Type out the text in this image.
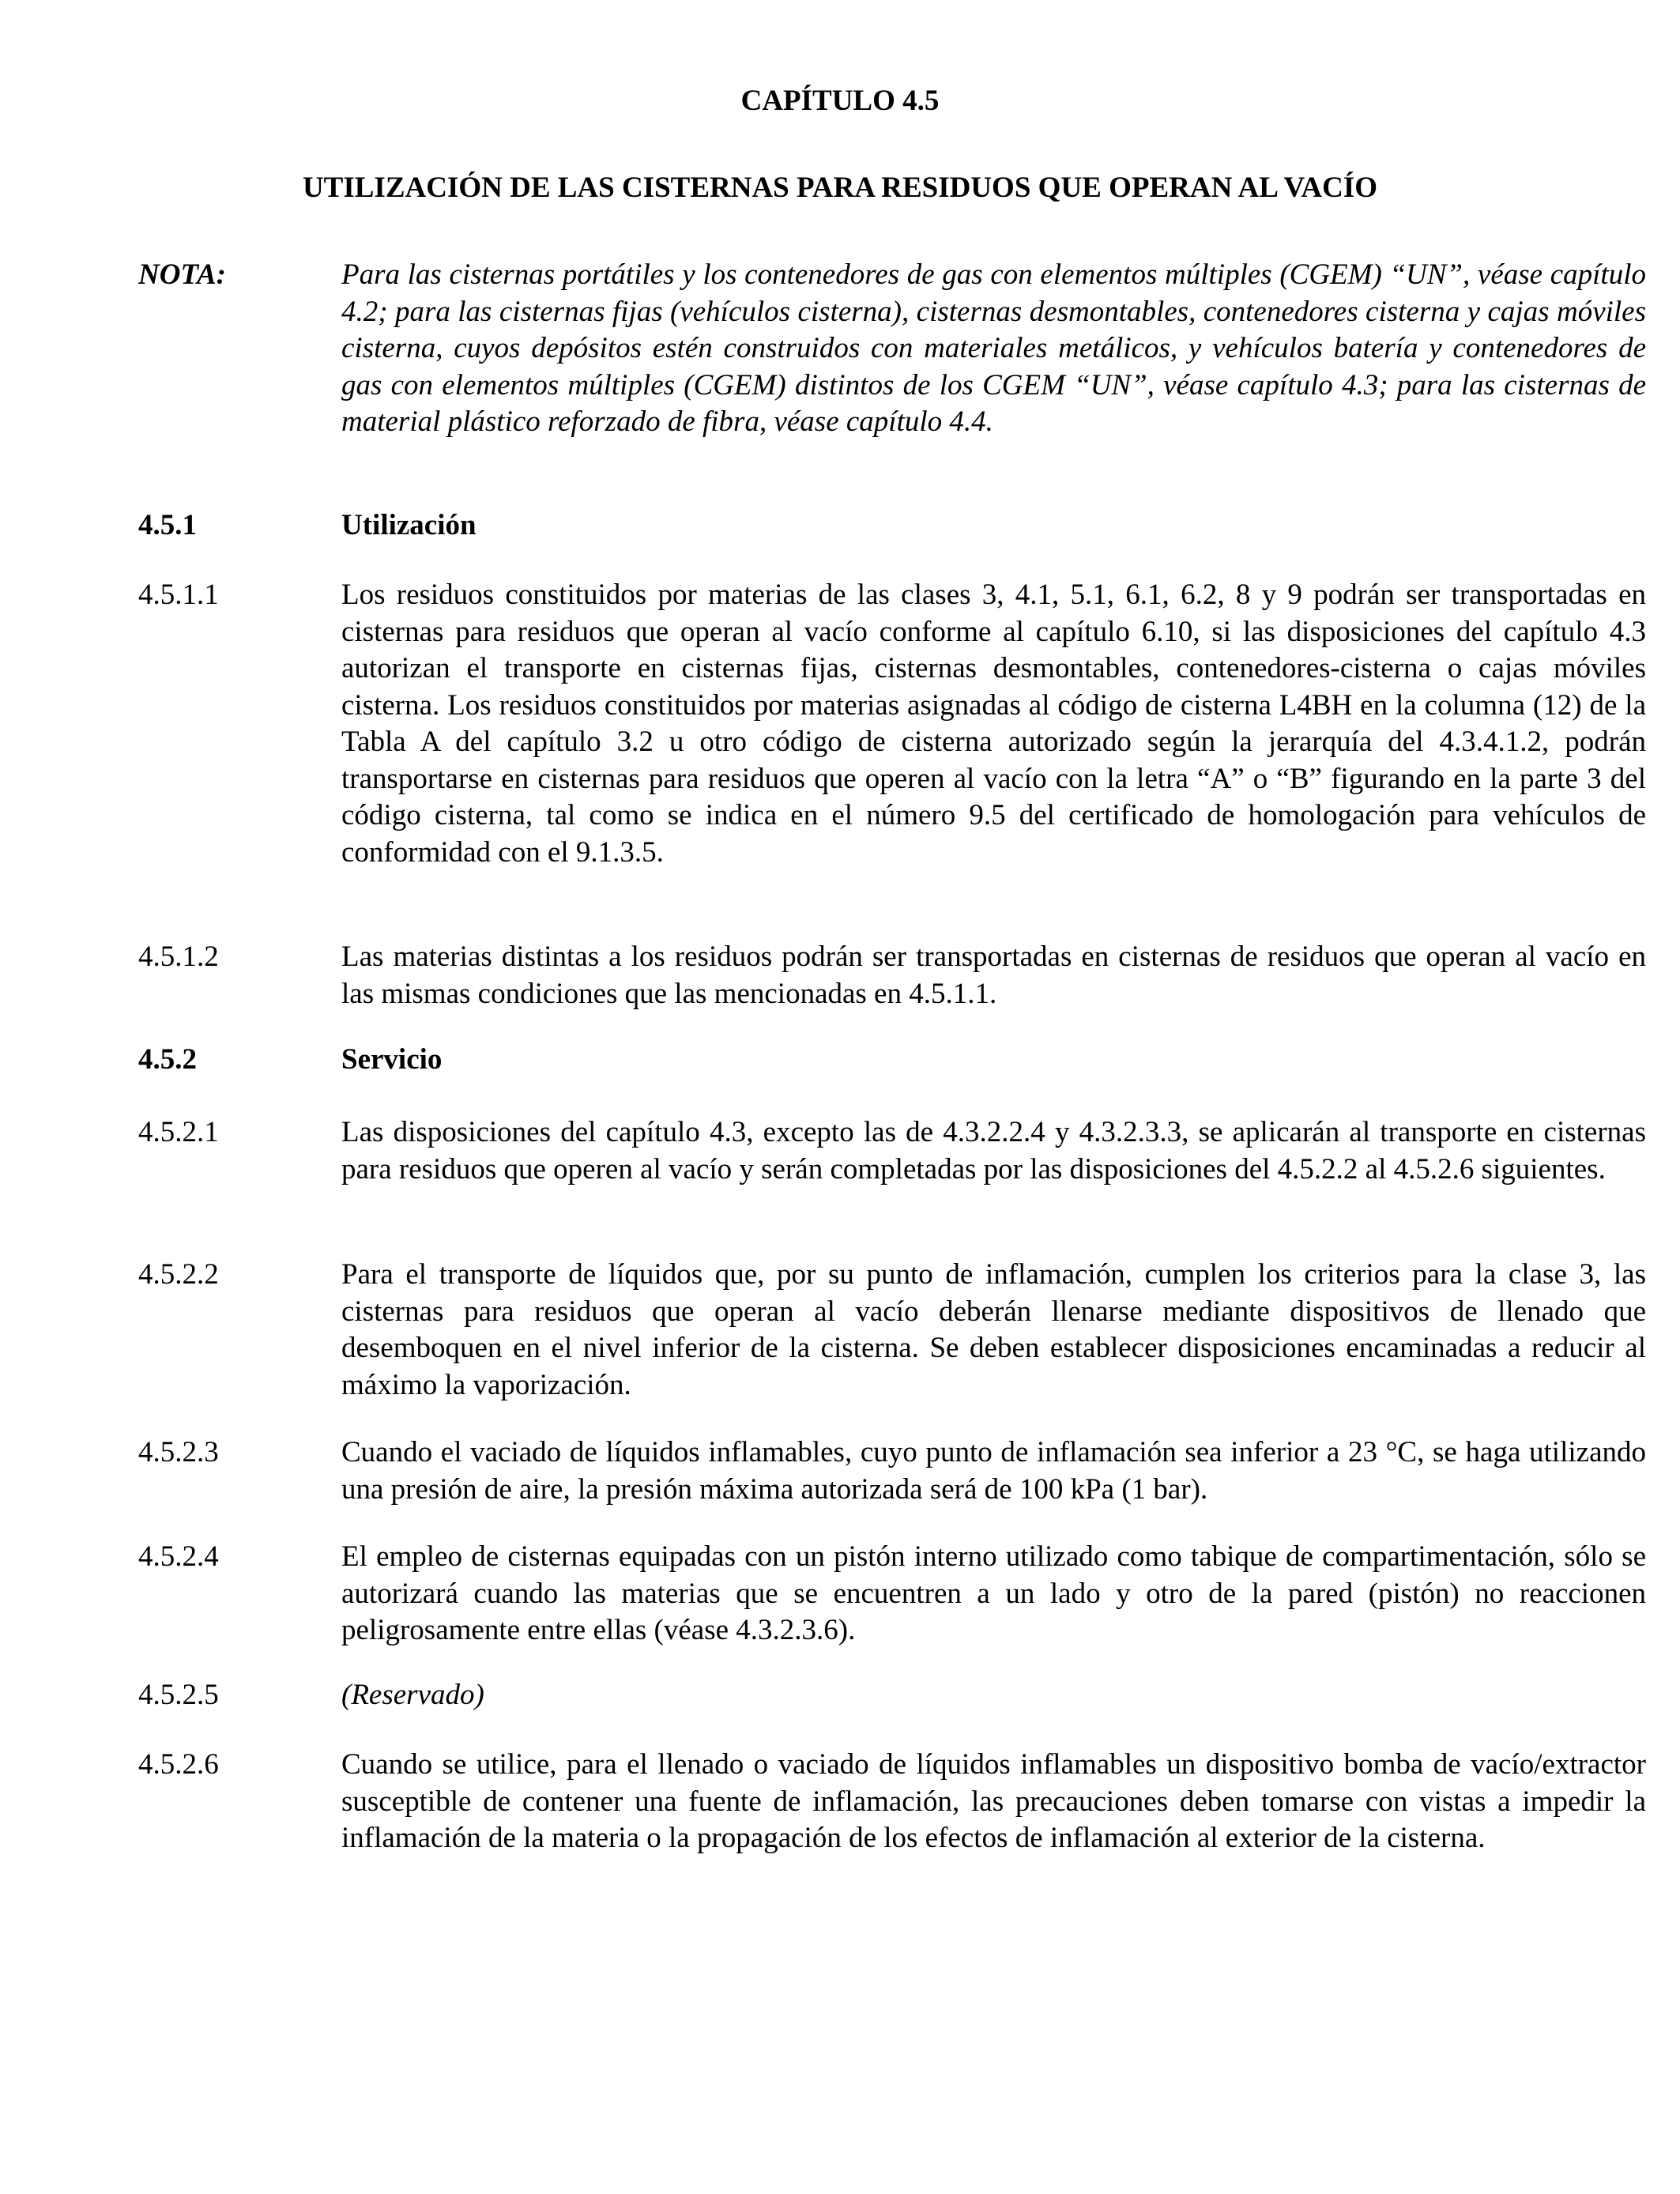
CAPÍTULO 4.5
UTILIZACIÓN DE LAS CISTERNAS PARA RESIDUOS QUE OPERAN AL VACÍO
NOTA:	Para las cisternas portátiles y los contenedores de gas con elementos múltiples (CGEM) “UN”, véase capítulo 4.2; para las cisternas fijas (vehículos cisterna), cisternas desmontables, contenedores cisterna y cajas móviles cisterna, cuyos depósitos estén construidos con materiales metálicos, y vehículos batería y contenedores de gas con elementos múltiples (CGEM) distintos de los CGEM “UN”, véase capítulo 4.3; para las cisternas de material plástico reforzado de fibra, véase capítulo 4.4.
4.5.1	Utilización
4.5.1.1	Los residuos constituidos por materias de las clases 3, 4.1, 5.1, 6.1, 6.2, 8 y 9 podrán ser transportadas en cisternas para residuos que operan al vacío conforme al capítulo 6.10, si las disposiciones del capítulo 4.3 autorizan el transporte en cisternas fijas, cisternas desmontables, contenedores-cisterna o cajas móviles cisterna. Los residuos constituidos por materias asignadas al código de cisterna L4BH en la columna (12) de la Tabla A del capítulo 3.2 u otro código de cisterna autorizado según la jerarquía del 4.3.4.1.2, podrán transportarse en cisternas para residuos que operen al vacío con la letra “A” o “B” figurando en la parte 3 del código cisterna, tal como se indica en el número 9.5 del certificado de homologación para vehículos de conformidad con el 9.1.3.5.
4.5.1.2	Las materias distintas a los residuos podrán ser transportadas en cisternas de residuos que operan al vacío en las mismas condiciones que las mencionadas en 4.5.1.1.
4.5.2	Servicio
4.5.2.1	Las disposiciones del capítulo 4.3, excepto las de 4.3.2.2.4 y 4.3.2.3.3, se aplicarán al transporte en cisternas para residuos que operen al vacío y serán completadas por las disposiciones del 4.5.2.2 al 4.5.2.6 siguientes.
4.5.2.2	Para el transporte de líquidos que, por su punto de inflamación, cumplen los criterios para la clase 3, las cisternas para residuos que operan al vacío deberán llenarse mediante dispositivos de llenado que desemboquen en el nivel inferior de la cisterna. Se deben establecer disposiciones encaminadas a reducir al máximo la vaporización.
4.5.2.3	Cuando el vaciado de líquidos inflamables, cuyo punto de inflamación sea inferior a 23 °C, se haga utilizando una presión de aire, la presión máxima autorizada será de 100 kPa (1 bar).
4.5.2.4	El empleo de cisternas equipadas con un pistón interno utilizado como tabique de compartimentación, sólo se autorizará cuando las materias que se encuentren a un lado y otro de la pared (pistón) no reaccionen peligrosamente entre ellas (véase 4.3.2.3.6).
4.5.2.5	(Reservado)
4.5.2.6	Cuando se utilice, para el llenado o vaciado de líquidos inflamables un dispositivo bomba de vacío/extractor susceptible de contener una fuente de inflamación, las precauciones deben tomarse con vistas a impedir la inflamación de la materia o la propagación de los efectos de inflamación al exterior de la cisterna.
